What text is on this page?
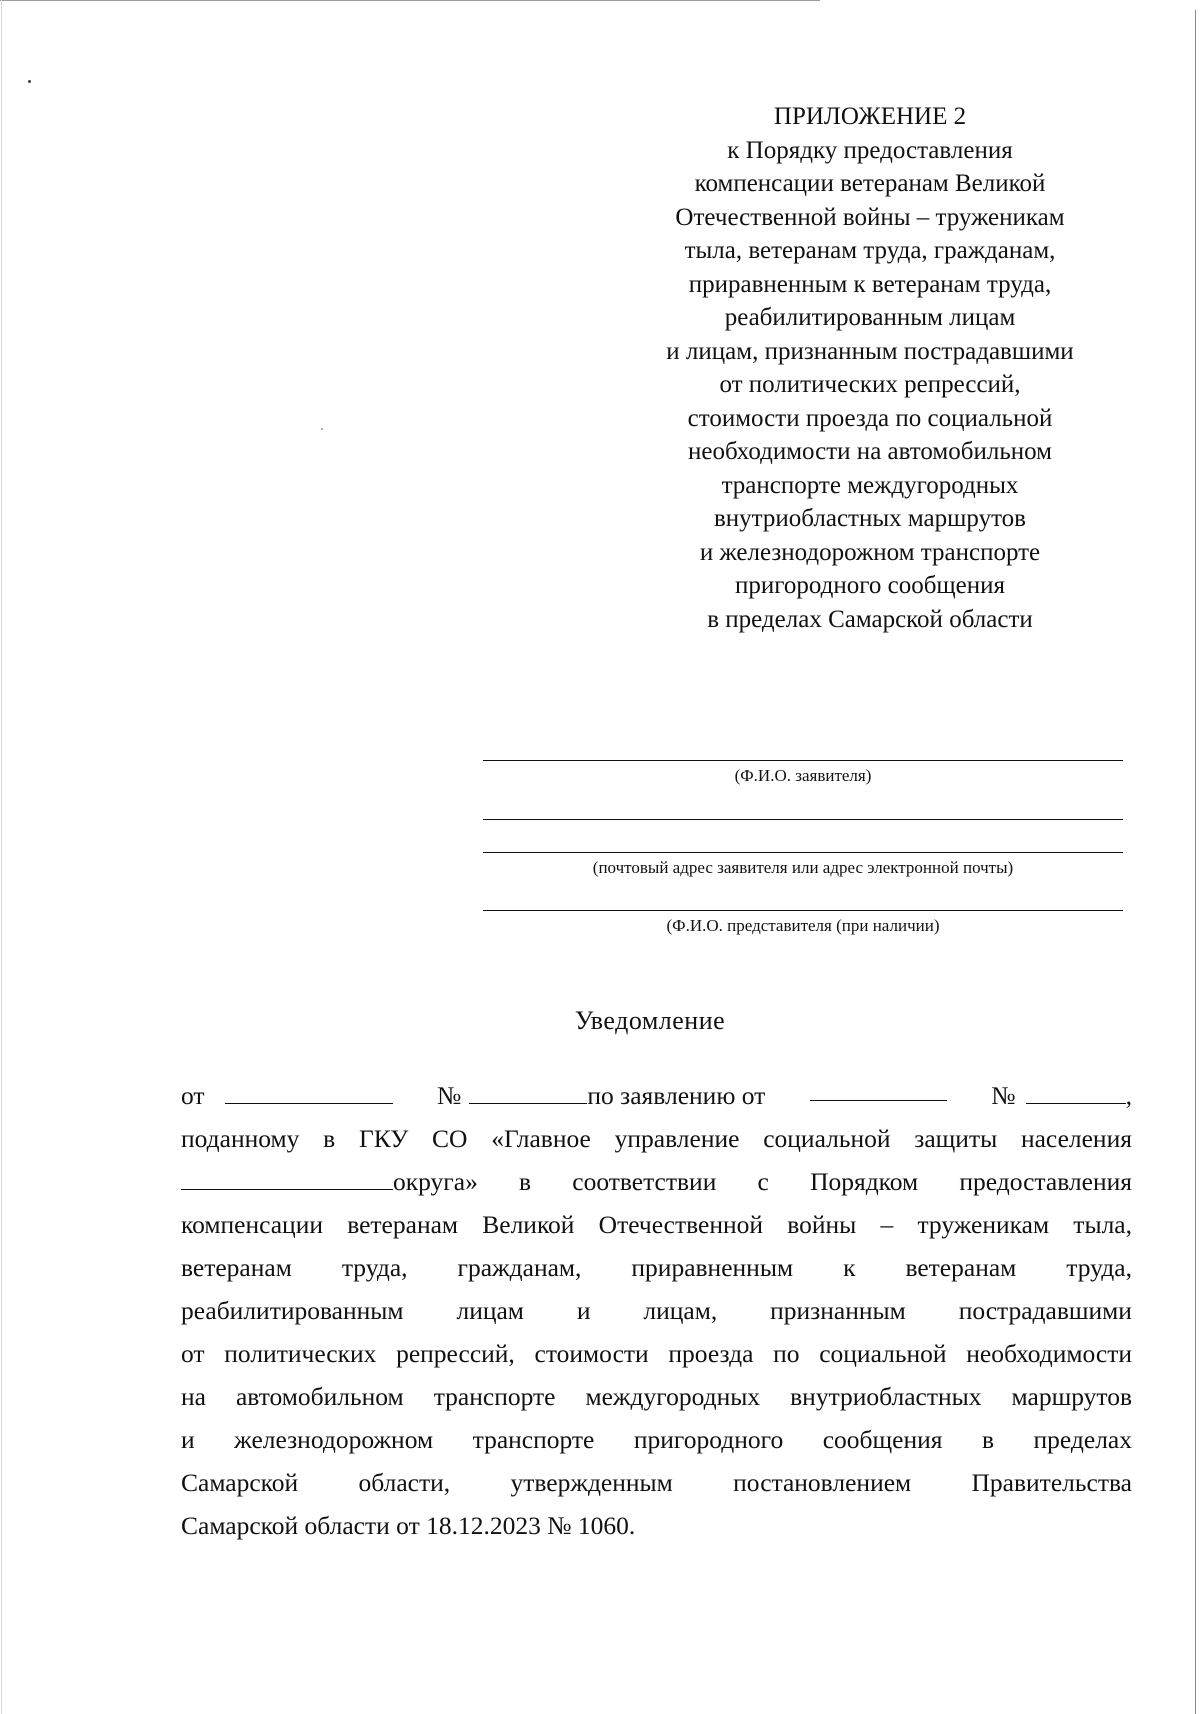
ПРИЛОЖЕНИЕ 2
к Порядку предоставления
компенсации ветеранам Великой
Отечественной войны – труженикам
тыла, ветеранам труда, гражданам,
приравненным к ветеранам труда,
реабилитированным лицам
и лицам, признанным пострадавшими
от политических репрессий,
стоимости проезда по социальной
необходимости на автомобильном
транспорте междугородных
внутриобластных маршрутов
и железнодорожном транспорте
пригородного сообщения
в пределах Самарской области
(Ф.И.О. заявителя)
(почтовый адрес заявителя или адрес электронной почты)
(Ф.И.О. представителя (при наличии)
Уведомление
от	№	по заявлению от	№	,
поданному в ГКУ СО «Главное управление социальной защиты населения
округа» в соответствии с Порядком предоставления
компенсации ветеранам Великой Отечественной войны – труженикам тыла,
ветеранам труда, гражданам, приравненным к ветеранам труда,
реабилитированным лицам и лицам, признанным пострадавшими
от политических репрессий, стоимости проезда по социальной необходимости
на автомобильном транспорте междугородных внутриобластных маршрутов
и железнодорожном транспорте пригородного сообщения в пределах
Самарской области, утвержденным постановлением Правительства
Самарской области от 18.12.2023 № 1060.
